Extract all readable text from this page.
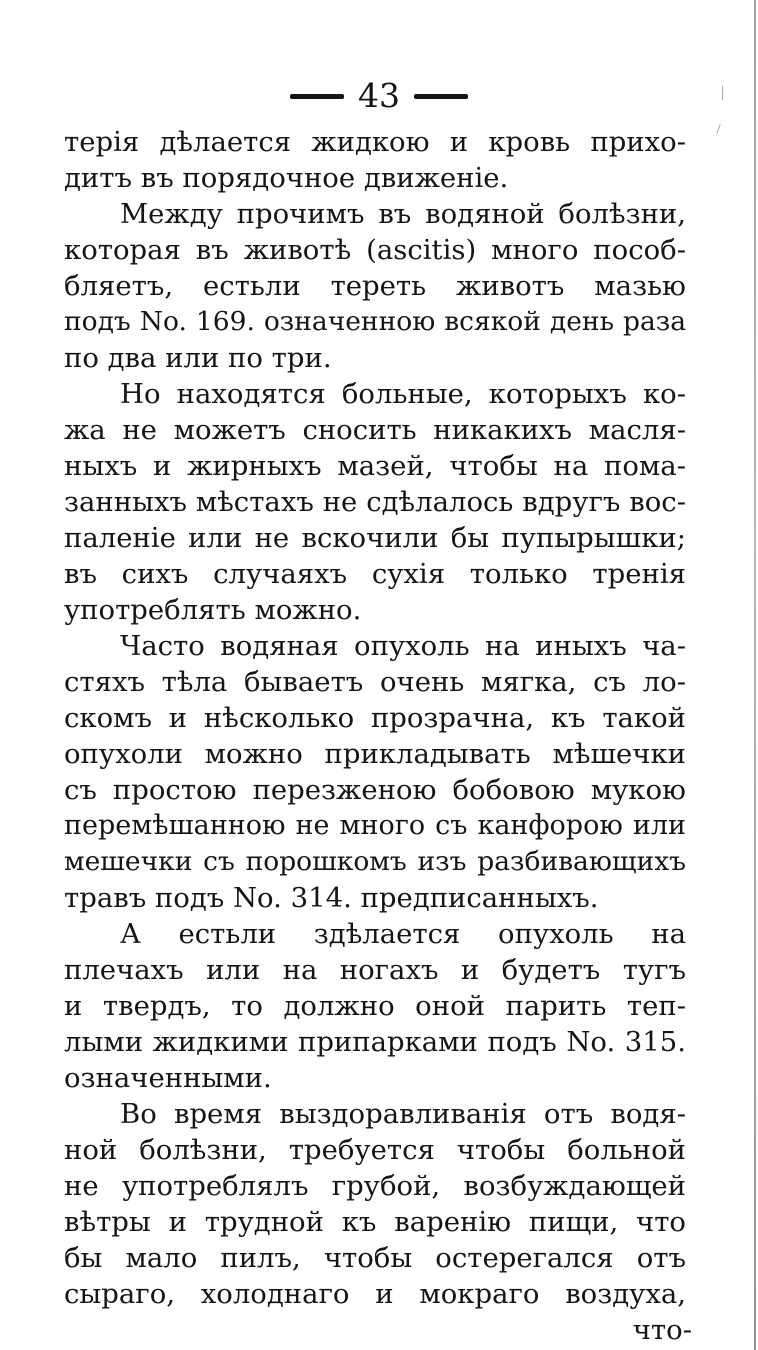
43
терія дѣлается жидкою и кровь прихо-
дитъ въ порядочное движеніе.
Между прочимъ въ водяной болѣзни,
которая въ животѣ (ascitis) много пособ-
бляетъ, естьли тереть животъ мазью
подъ No. 169. означенною всякой день раза
по два или по три.
Но находятся больные, которыхъ ко-
жа не можетъ сносить никакихъ масля-
ныхъ и жирныхъ мазей, чтобы на пома-
занныхъ мѣстахъ не сдѣлалось вдругъ вос-
паленіе или не вскочили бы пупырышки;
въ сихъ случаяхъ сухія только тренія
употреблять можно.
Часто водяная опухоль на иныхъ ча-
стяхъ тѣла бываетъ очень мягка, съ ло-
скомъ и нѣсколько прозрачна, къ такой
опухоли можно прикладывать мѣшечки
съ простою перезженою бобовою мукою
перемѣшанною не много съ канфорою или
мешечки съ порошкомъ изъ разбивающихъ
травъ подъ No. 314. предписанныхъ.
А естьли здѣлается опухоль на
плечахъ или на ногахъ и будетъ тугъ
и твердъ, то должно оной парить теп-
лыми жидкими припарками подъ No. 315.
означенными.
Во время выздоравливанія отъ водя-
ной болѣзни, требуется чтобы больной
не употреблялъ грубой, возбуждающей
вѣтры и трудной къ варенію пищи, что
бы мало пилъ, чтобы остерегался отъ
сыраго, холоднаго и мокраго воздуха,
что-
